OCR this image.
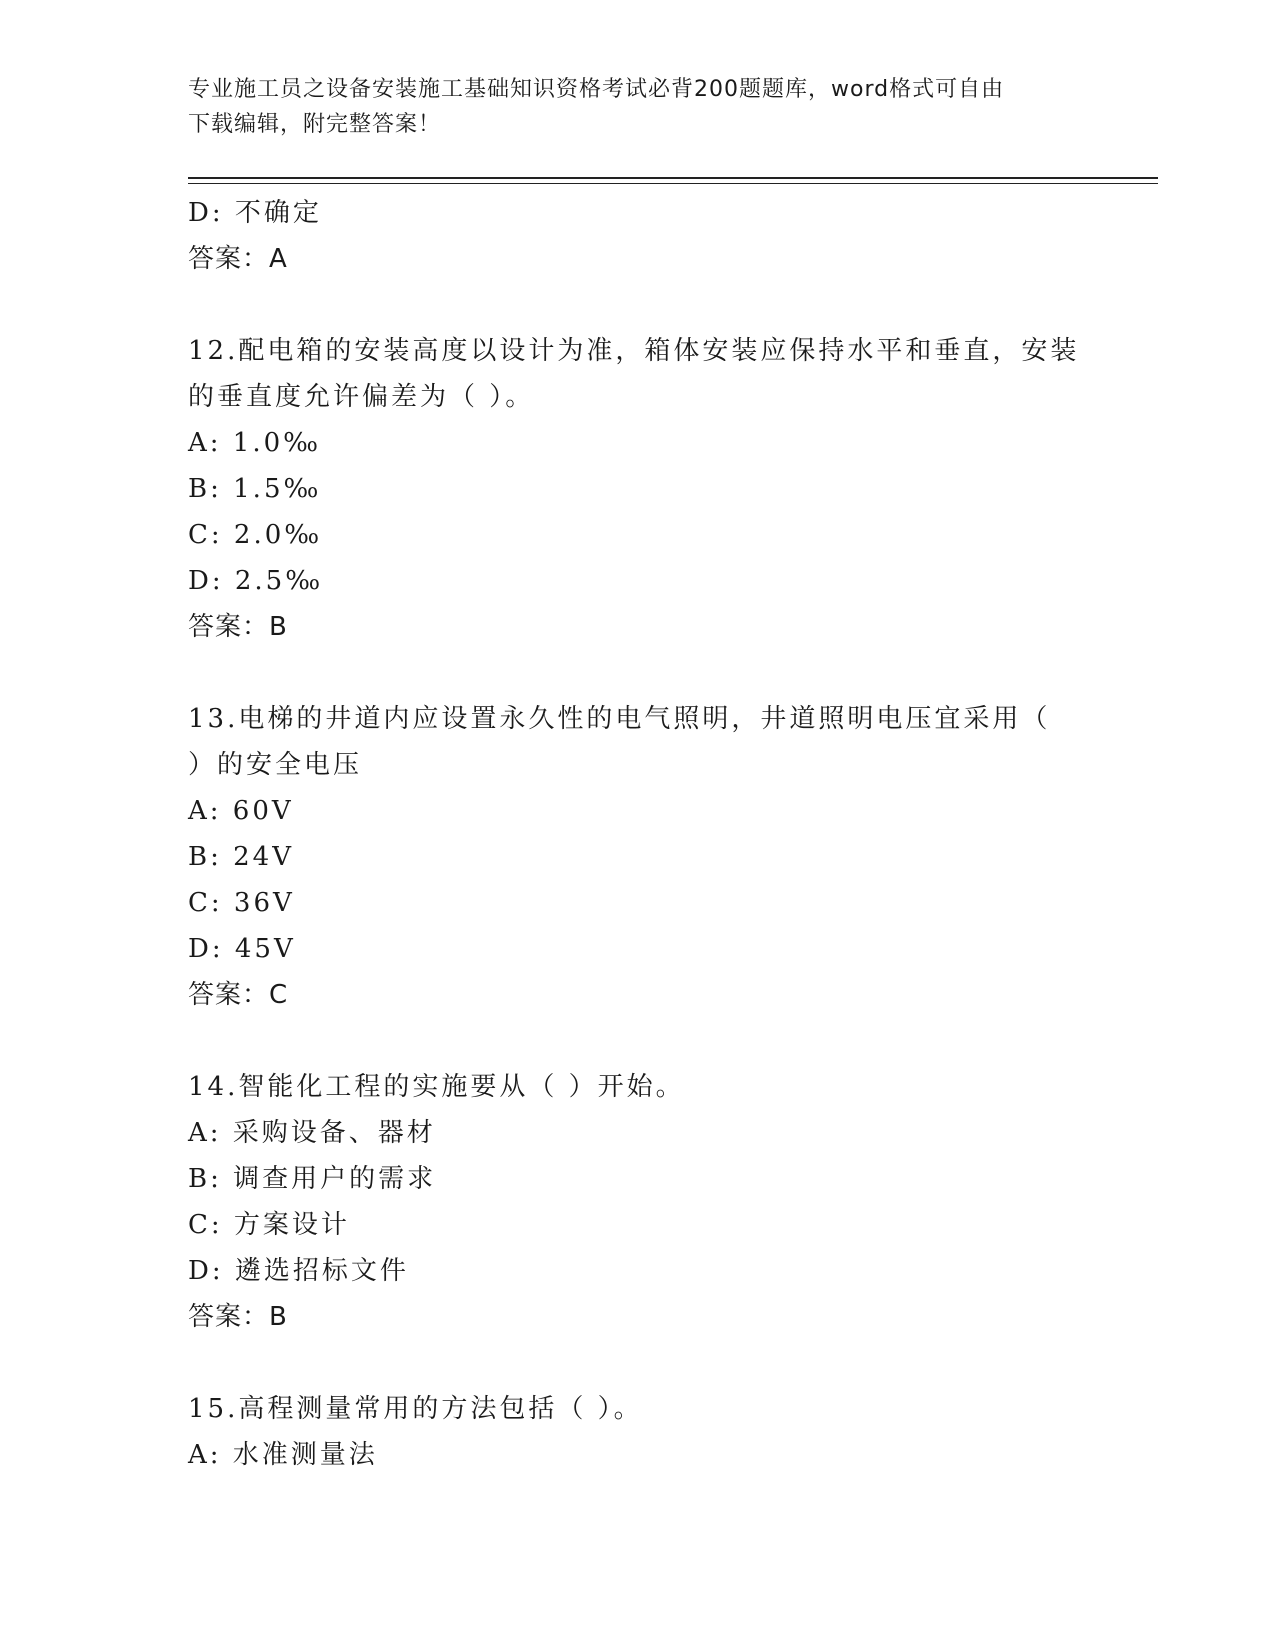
专业施工员之设备安装施工基础知识资格考试必背200题题库，word格式可自由
下载编辑，附完整答案！
D: 不确定
答案：A
12.配电箱的安装高度以设计为准，箱体安装应保持水平和垂直，安装
的垂直度允许偏差为（ ）。
A: 1.0‰
B: 1.5‰
C: 2.0‰
D: 2.5‰
答案：B
13.电梯的井道内应设置永久性的电气照明，井道照明电压宜采用（
）的安全电压
A: 60V
B: 24V
C: 36V
D: 45V
答案：C
14.智能化工程的实施要从（ ）开始。
A: 采购设备、器材
B: 调查用户的需求
C: 方案设计
D: 遴选招标文件
答案：B
15.高程测量常用的方法包括（ ）。
A: 水准测量法
